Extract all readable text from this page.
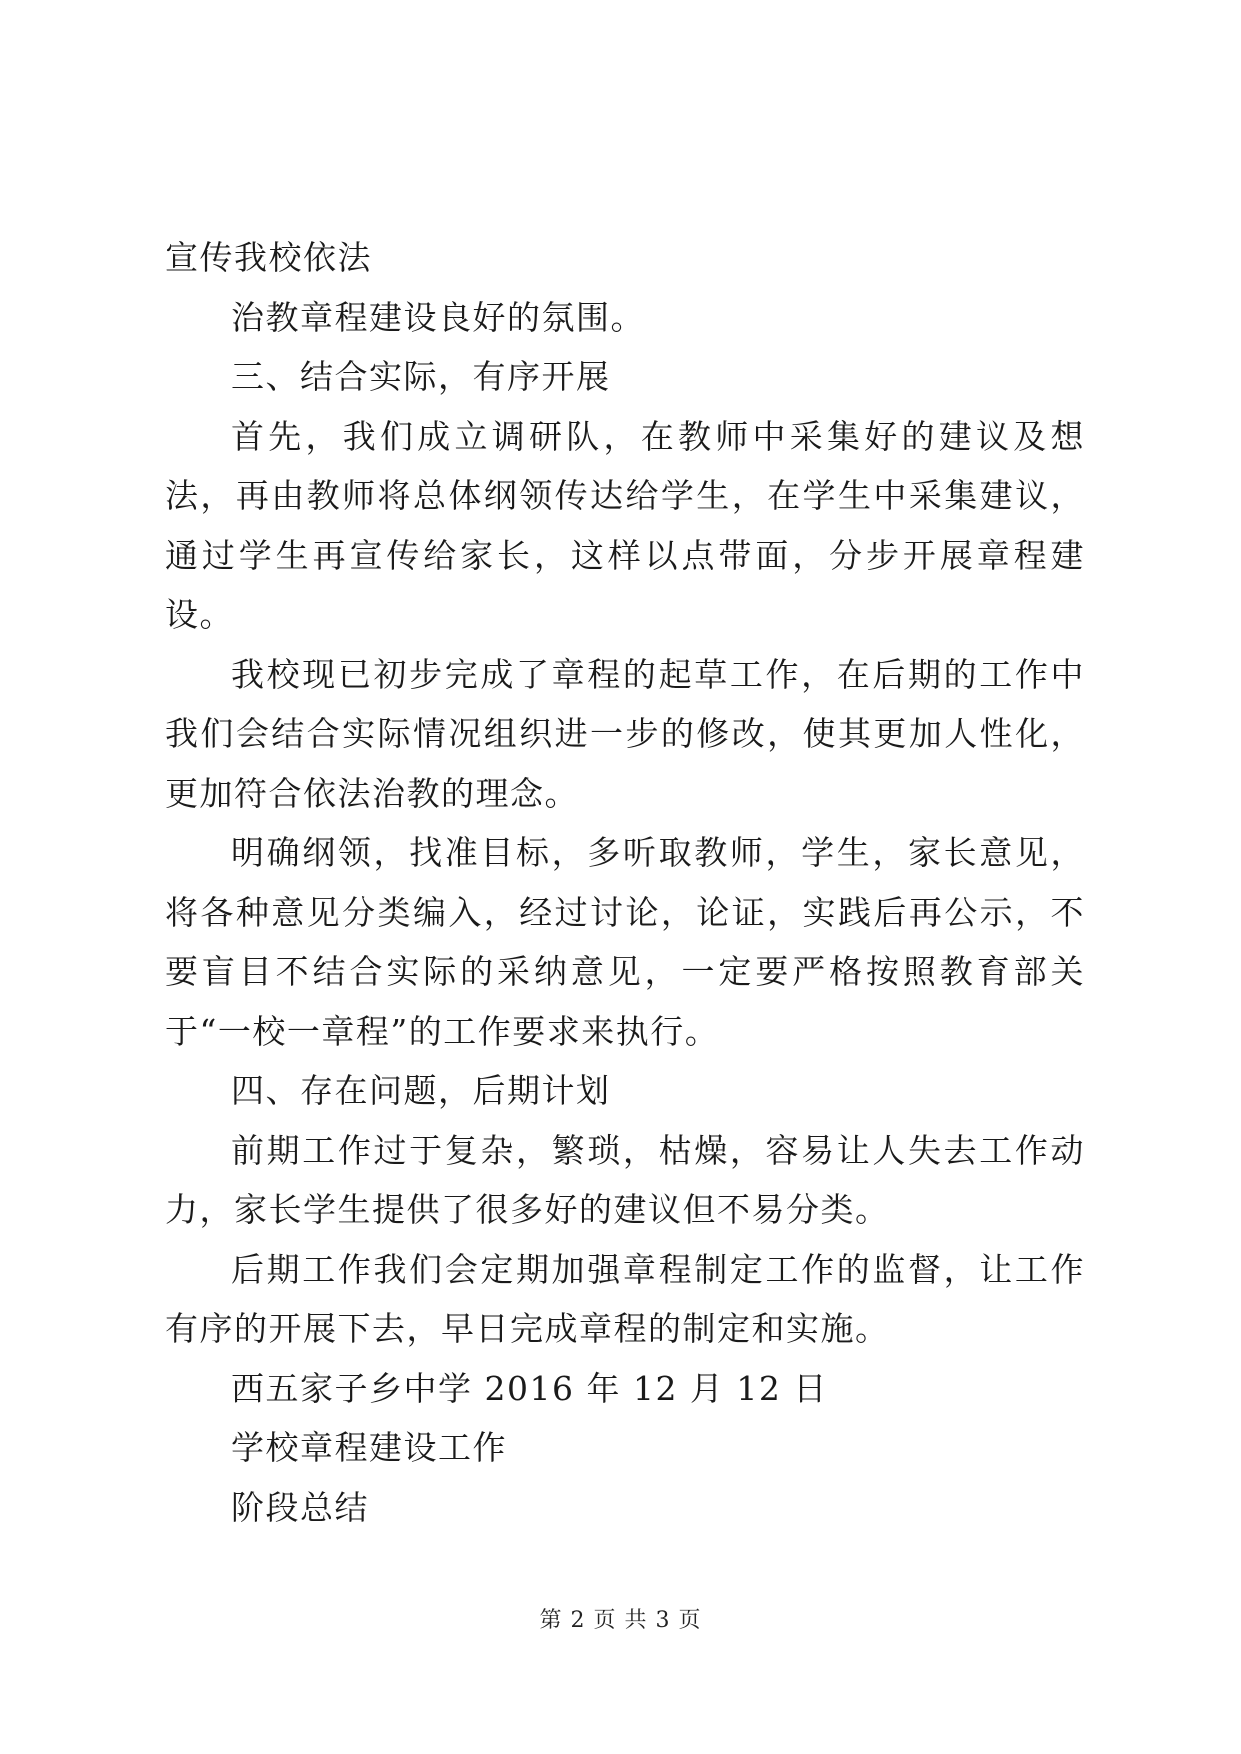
宣传我校依法

治教章程建设良好的氛围。

三、结合实际，有序开展

首先，我们成立调研队，在教师中采集好的建议及想法，再由教师将总体纲领传达给学生，在学生中采集建议，通过学生再宣传给家长，这样以点带面，分步开展章程建设。

我校现已初步完成了章程的起草工作，在后期的工作中我们会结合实际情况组织进一步的修改，使其更加人性化，更加符合依法治教的理念。

明确纲领，找准目标，多听取教师，学生，家长意见，将各种意见分类编入，经过讨论，论证，实践后再公示，不要盲目不结合实际的采纳意见，一定要严格按照教育部关于“一校一章程”的工作要求来执行。

四、存在问题，后期计划

前期工作过于复杂，繁琐，枯燥，容易让人失去工作动力，家长学生提供了很多好的建议但不易分类。

后期工作我们会定期加强章程制定工作的监督，让工作有序的开展下去，早日完成章程的制定和实施。

西五家子乡中学 2016 年 12 月 12 日

学校章程建设工作

阶段总结

第 2 页 共 3 页
